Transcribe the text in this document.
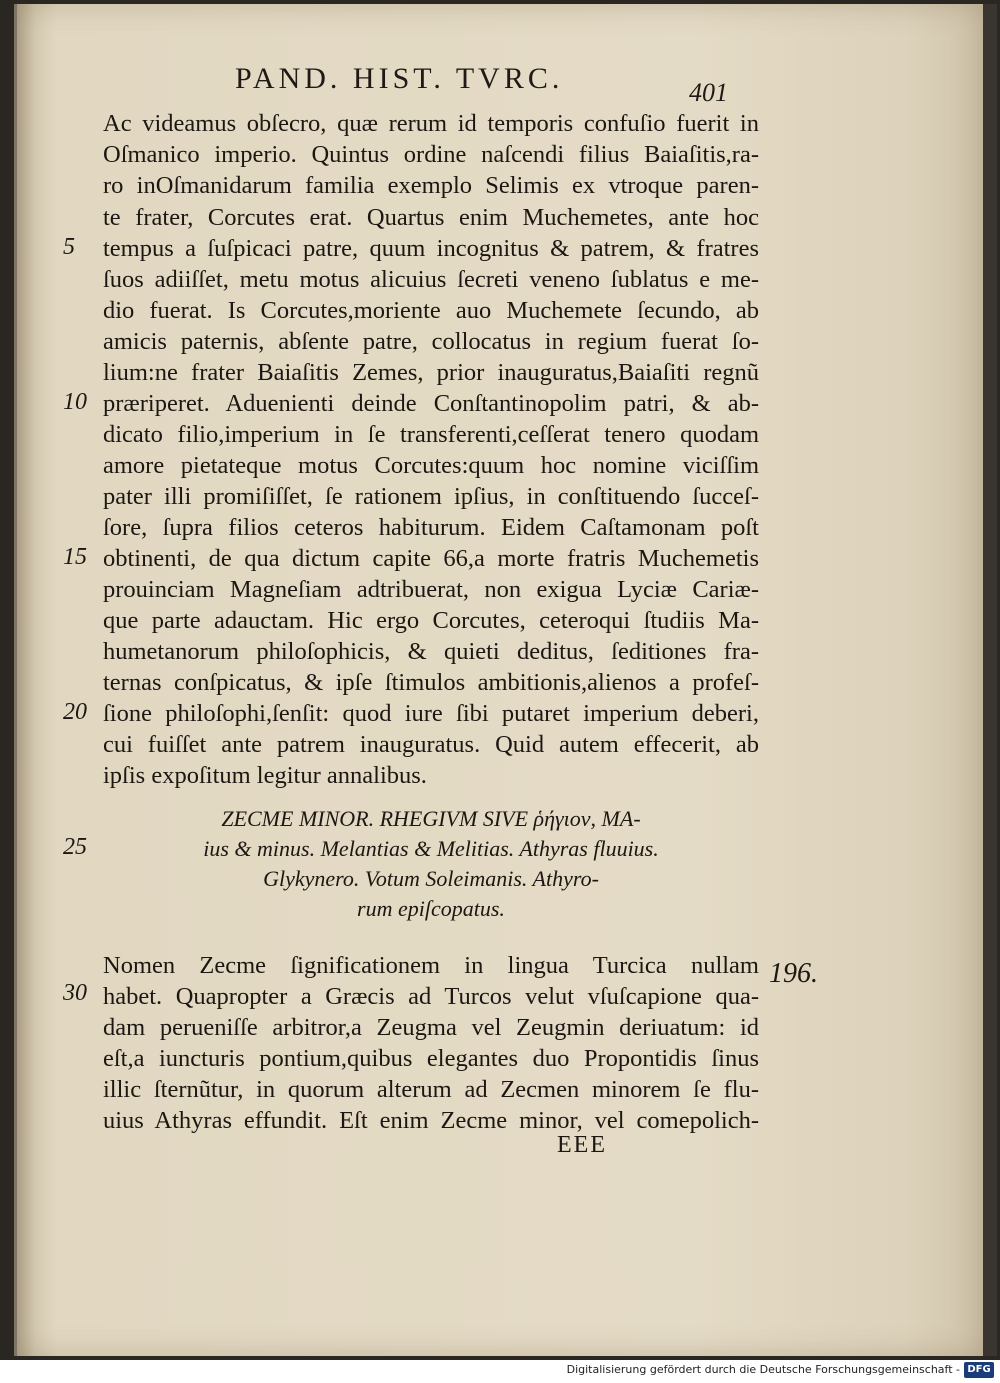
PAND. HIST. TVRC.	401
Ac videamus obſecro, quæ rerum id temporis confuſio fuerit in
Oſmanico imperio. Quintus ordine naſcendi filius Baiaſitis,ra-
ro inOſmanidarum familia exemplo Selimis ex vtroque paren-
te frater, Corcutes erat. Quartus enim Muchemetes, ante hoc
tempus a ſuſpicaci patre, quum incognitus & patrem, & fratres
ſuos adiiſſet, metu motus alicuius ſecreti veneno ſublatus e me-
dio fuerat. Is Corcutes,moriente auo Muchemete ſecundo, ab
amicis paternis, abſente patre, collocatus in regium fuerat ſo-
lium:ne frater Baiaſitis Zemes, prior inauguratus,Baiaſiti regnũ
præriperet. Aduenienti deinde Conſtantinopolim patri, & ab-
dicato filio,imperium in ſe transferenti,ceſſerat tenero quodam
amore pietateque motus Corcutes:quum hoc nomine viciſſim
pater illi promiſiſſet, ſe rationem ipſius, in conſtituendo ſucceſ-
ſore, ſupra filios ceteros habiturum. Eidem Caſtamonam poſt
obtinenti, de qua dictum capite 66,a morte fratris Muchemetis
prouinciam Magneſiam adtribuerat, non exigua Lyciæ Cariæ-
que parte adauctam. Hic ergo Corcutes, ceteroqui ſtudiis Ma-
humetanorum philoſophicis, & quieti deditus, ſeditiones fra-
ternas conſpicatus, & ipſe ſtimulos ambitionis,alienos a profeſ-
ſione philoſophi,ſenſit: quod iure ſibi putaret imperium deberi,
cui fuiſſet ante patrem inauguratus. Quid autem effecerit, ab
ipſis expoſitum legitur annalibus.
5
10
15
20
25
30
ZECME MINOR. RHEGIVM SIVE ῥήγιον, MA-
ius & minus. Melantias & Melitias. Athyras fluuius.
Glykynero. Votum Soleimanis. Athyro-
rum epiſcopatus.
Nomen Zecme ſignificationem in lingua Turcica nullam
habet. Quapropter a Græcis ad Turcos velut vſuſcapione qua-
dam perueniſſe arbitror,a Zeugma vel Zeugmin deriuatum: id
eſt,a iuncturis pontium,quibus elegantes duo Propontidis ſinus
illic ſternũtur, in quorum alterum ad Zecmen minorem ſe flu-
uius Athyras effundit. Eſt enim Zecme minor, vel comepolich-
196.
EEE
Digitalisierung gefördert durch die Deutsche Forschungsgemeinschaft - DFG
